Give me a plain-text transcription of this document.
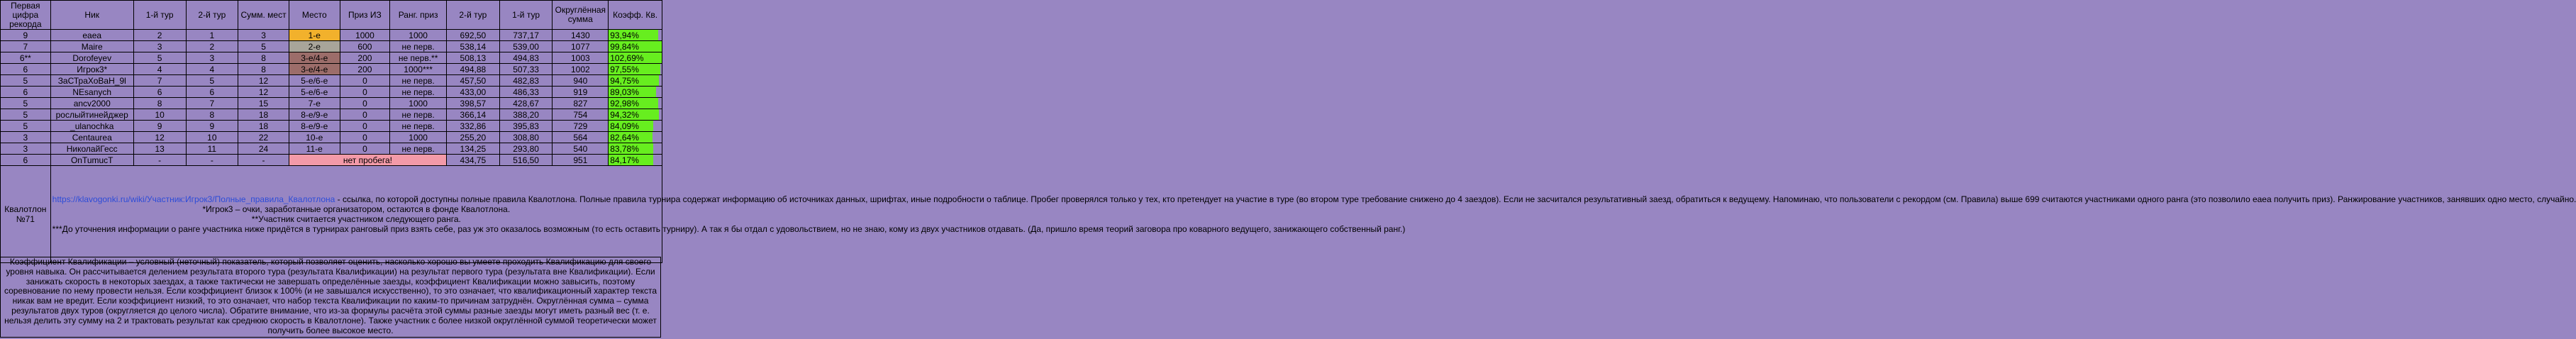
Первая цифра рекорда	Ник	1-й тур	2-й тур	Сумм. мест	Место	Приз ИЗ	Ранг. приз	2-й тур	1-й тур	Округлённая сумма	Коэфф. Кв.
9	eaea	2	1	3	1-е	1000	1000	692,50	737,17	1430	93,94%
7	Maire	3	2	5	2-е	600	не перв.	538,14	539,00	1077	99,84%
6**	Dorofeyev	5	3	8	3-е/4-е	200	не перв.**	508,13	494,83	1003	102,69%
6	Игрок3*	4	4	8	3-е/4-е	200	1000***	494,88	507,33	1002	97,55%
5	ЗаСТраХоВаН_9l	7	5	12	5-е/6-е	0	не перв.	457,50	482,83	940	94,75%
6	NEsanych	6	6	12	5-е/6-е	0	не перв.	433,00	486,33	919	89,03%
5	ancv2000	8	7	15	7-е	0	1000	398,57	428,67	827	92,98%
5	рослыйтинейджер	10	8	18	8-е/9-е	0	не перв.	366,14	388,20	754	94,32%
5	_ulanochka	9	9	18	8-е/9-е	0	не перв.	332,86	395,83	729	84,09%
3	Centaurea	12	10	22	10-е	0	1000	255,20	308,80	564	82,64%
3	НиколайГесс	13	11	24	11-е	0	не перв.	134,25	293,80	540	83,78%
6	OnTumucT	-	-	-	нет пробега!			434,75	516,50	951	84,17%
Квалотлон №71	https://klavogonki.ru/wiki/Участник:Игрок3/Полные_правила_Квалотлона - ссылка, по которой доступны полные правила Квалотлона. Полные правила турнира содержат информацию об источниках данных, шрифтах, иные подробности о таблице. Пробег проверялся только у тех, кто претендует на участие в туре (во втором туре требование снижено до 4 заездов). Если не засчитался результативный заезд, обратиться к ведущему. Напоминаю, что пользователи с рекордом (см. Правила) выше 699 считаются участниками одного ранга (это позволило eaea получить приз). Ранжирование участников, занявших одно место, случайно.
*Игрок3 – очки, заработанные организатором, остаются в фонде Квалотлона.
**Участник считается участником следующего ранга.
***До уточнения информации о ранге участника ниже придётся в турнирах ранговый приз взять себе, раз уж это оказалось возможным (то есть оставить турниру). А так я бы отдал с удовольствием, но не знаю, кому из двух участников отдавать. (Да, пришло время теорий заговора про коварного ведущего, занижающего собственный ранг.)										
Коэффициент Квалификации – условный (неточный) показатель, который позволяет оценить, насколько хорошо вы умеете проходить Квалификацию для своего уровня навыка. Он рассчитывается делением результата второго тура (результата Квалификации) на результат первого тура (результата вне Квалификации). Если занижать скорость в некоторых заездах, а также тактически не завершать определённые заезды, коэффициент Квалификации можно завысить, поэтому соревнование по нему провести нельзя. Если коэффициент близок к 100% (и не завышался искусственно), то это означает, что квалификационный характер текста никак вам не вредит. Если коэффициент низкий, то это означает, что набор текста Квалификации по каким-то причинам затруднён. Округлённая сумма – сумма результатов двух туров (округляется до целого числа). Обратите внимание, что из-за формулы расчёта этой суммы разные заезды могут иметь разный вес (т. е. нельзя делить эту сумму на 2 и трактовать результат как среднюю скорость в Квалотлоне). Также участник с более низкой округлённой суммой теоретически может получить более высокое место.
